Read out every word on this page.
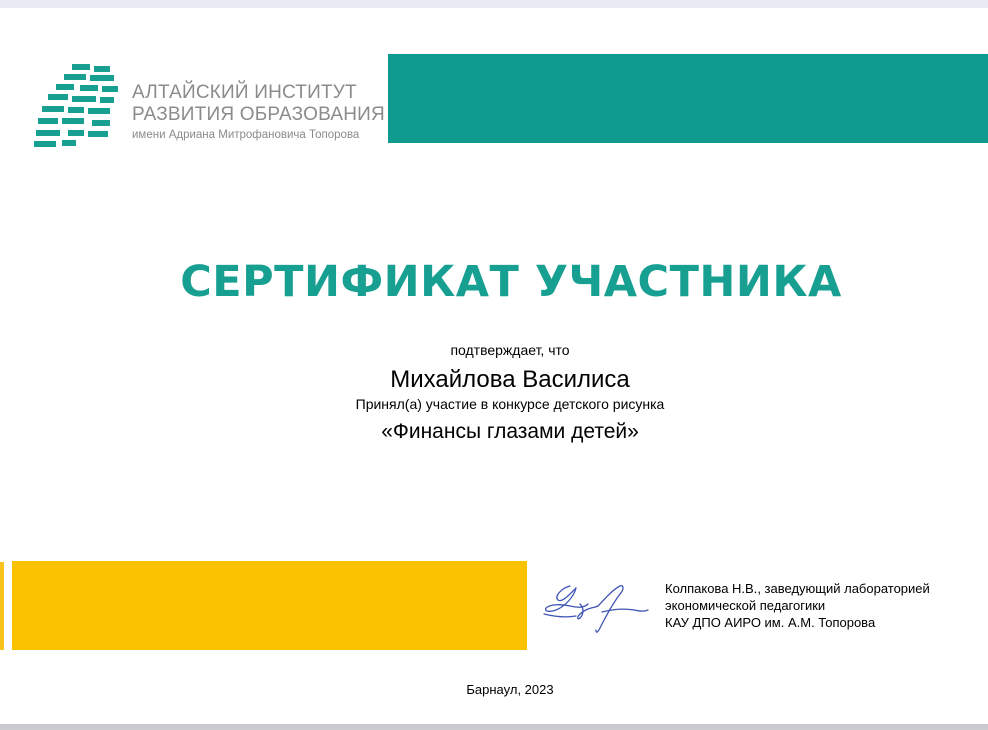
АЛТАЙСКИЙ ИНСТИТУТ
РАЗВИТИЯ ОБРАЗОВАНИЯ
имени Адриана Митрофановича Топорова
СЕРТИФИКАТ УЧАСТНИКА
подтверждает, что
Михайлова Василиса
Принял(а) участие в конкурсе детского рисунка
«Финансы глазами детей»
Колпакова Н.В., заведующий лабораторией
экономической педагогики
КАУ ДПО АИРО им. А.М. Топорова
Барнаул, 2023
